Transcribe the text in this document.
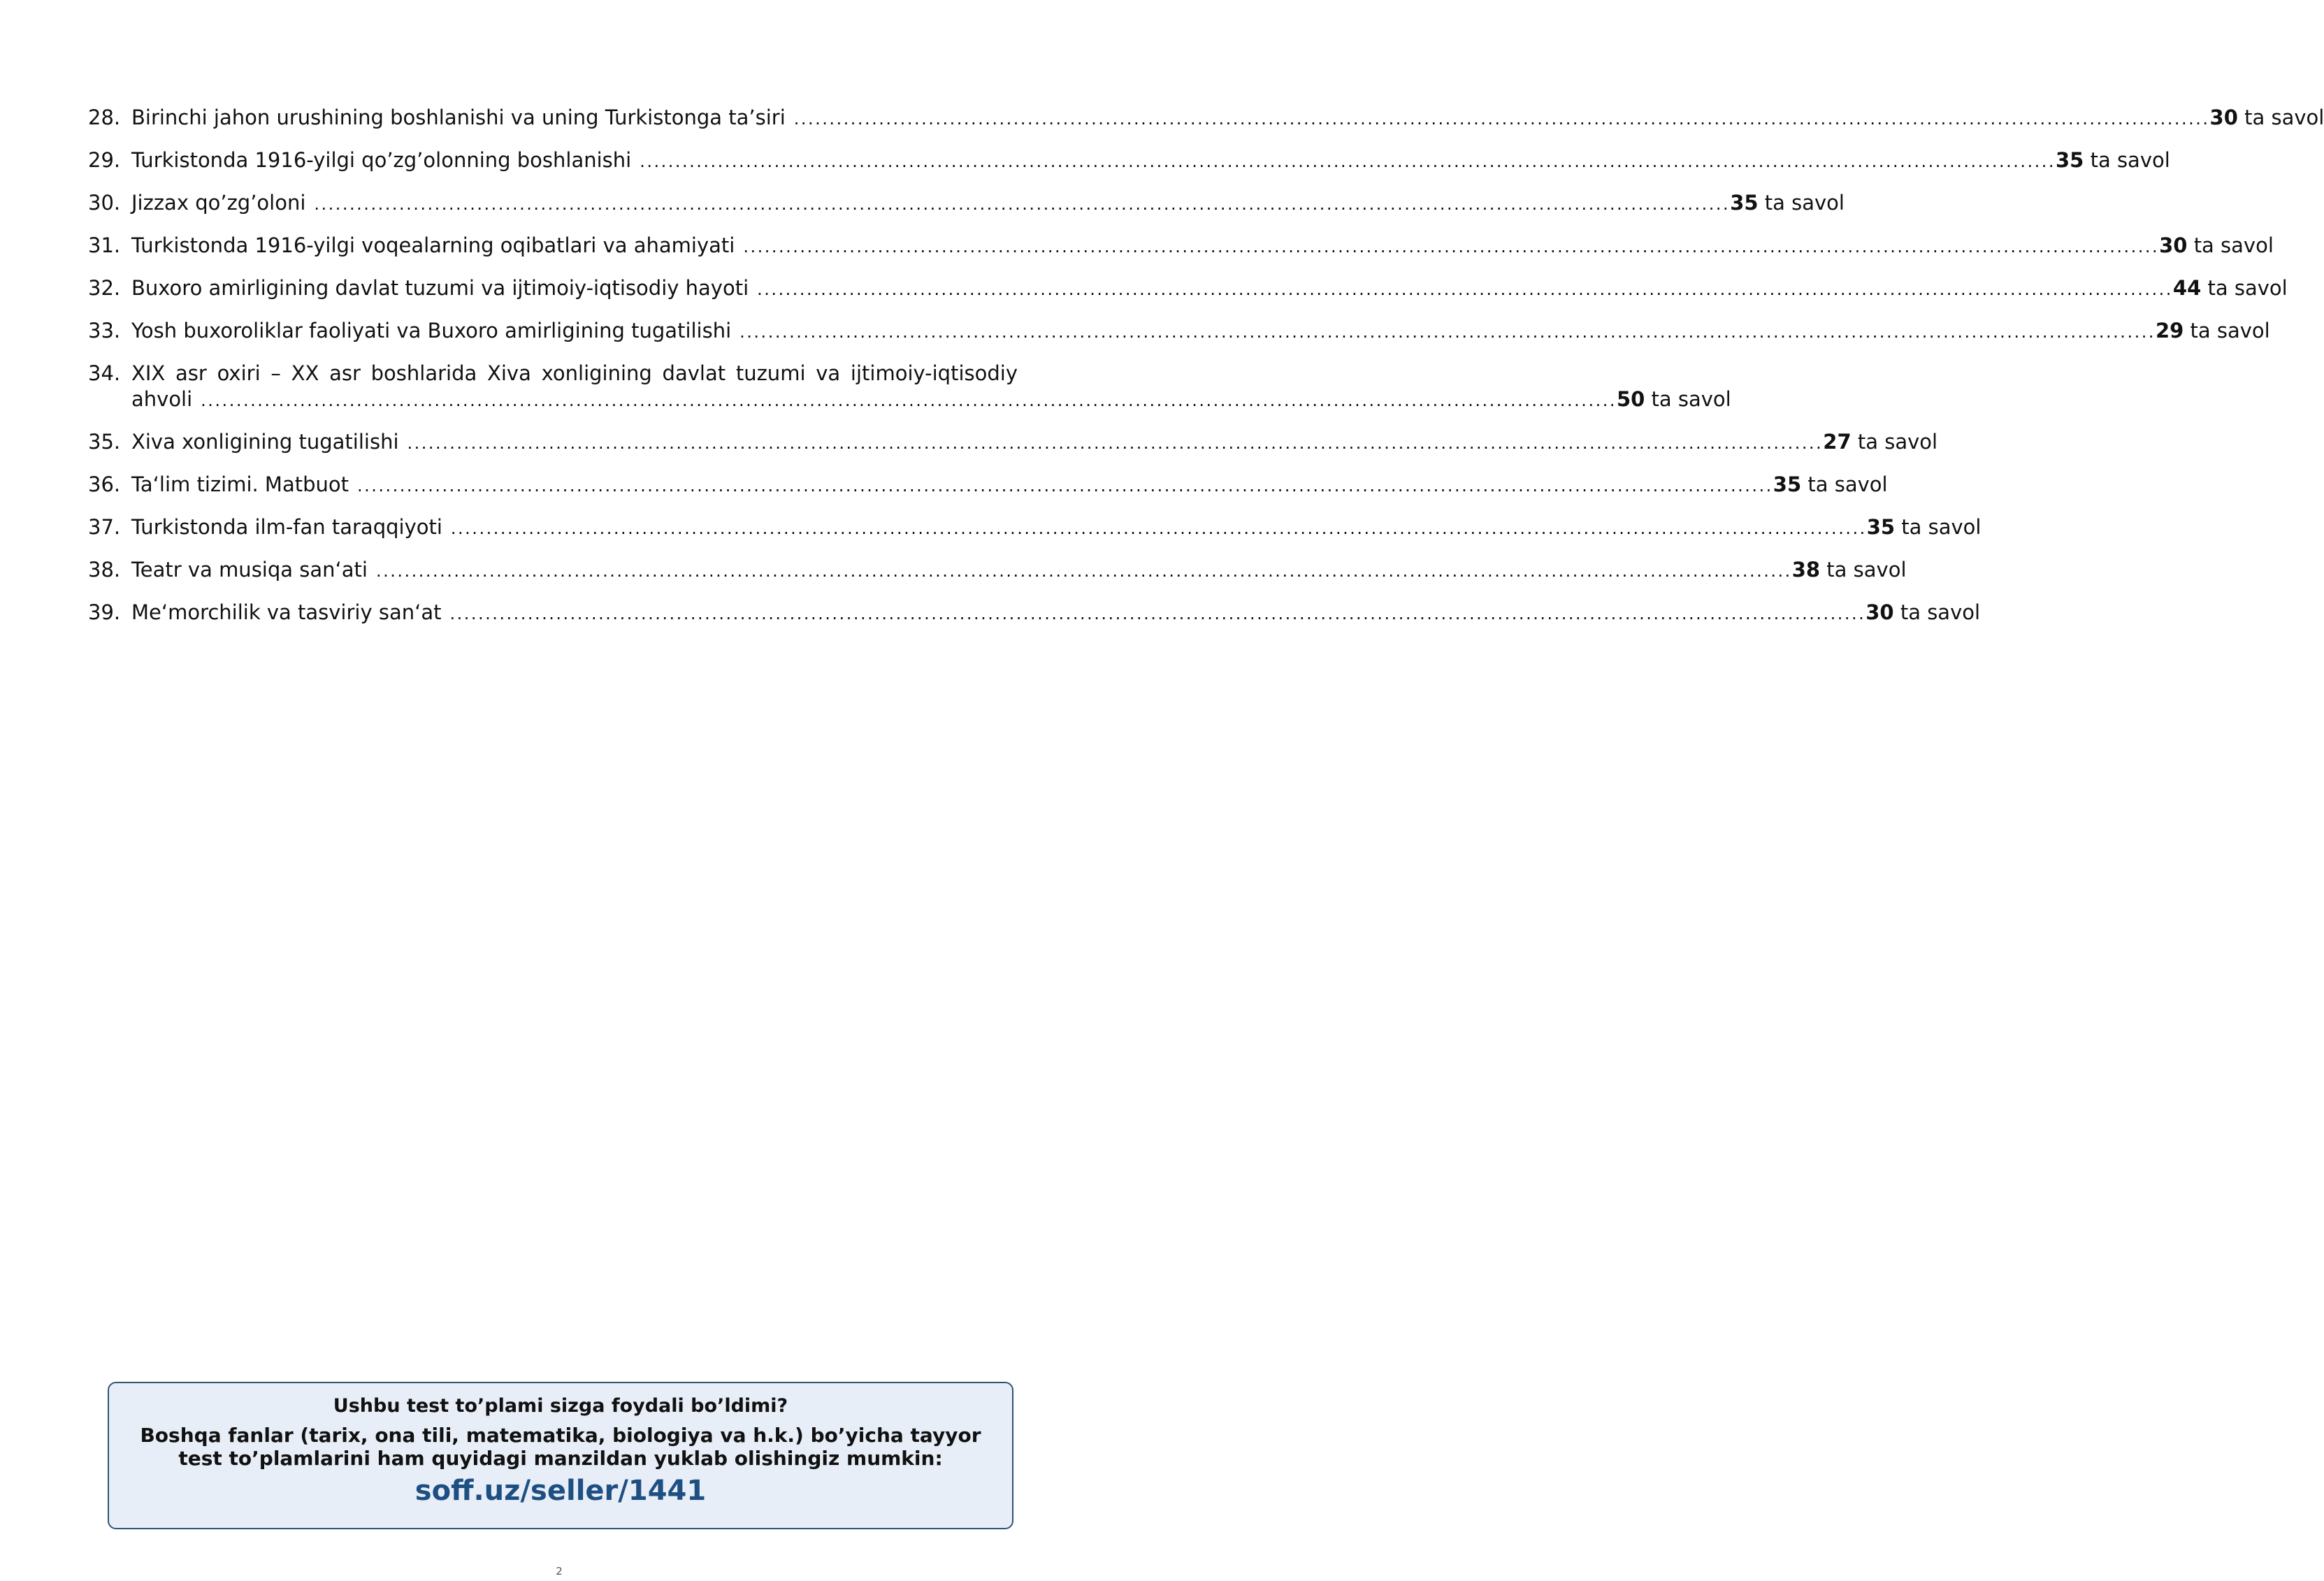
28. Birinchi jahon urushining boshlanishi va uning Turkistonga ta’siri ........................................................................................................................................................................................................ 30 ta savol
29. Turkistonda 1916-yilgi qo’zg’olonning boshlanishi ........................................................................................................................................................................................................ 35 ta savol
30. Jizzax qo’zg’oloni ........................................................................................................................................................................................................ 35 ta savol
31. Turkistonda 1916-yilgi voqealarning oqibatlari va ahamiyati ........................................................................................................................................................................................................ 30 ta savol
32. Buxoro amirligining davlat tuzumi va ijtimoiy-iqtisodiy hayoti ........................................................................................................................................................................................................ 44 ta savol
33. Yosh buxoroliklar faoliyati va Buxoro amirligining tugatilishi ........................................................................................................................................................................................................ 29 ta savol
34. XIX asr oxiri – XX asr boshlarida Xiva xonligining davlat tuzumi va ijtimoiy-iqtisodiy
ahvoli ........................................................................................................................................................................................................ 50 ta savol
35. Xiva xonligining tugatilishi ........................................................................................................................................................................................................ 27 ta savol
36. Ta‘lim tizimi. Matbuot ........................................................................................................................................................................................................ 35 ta savol
37. Turkistonda ilm-fan taraqqiyoti ........................................................................................................................................................................................................ 35 ta savol
38. Teatr va musiqa san‘ati ........................................................................................................................................................................................................ 38 ta savol
39. Me‘morchilik va tasviriy san‘at ........................................................................................................................................................................................................ 30 ta savol
Ushbu test to’plami sizga foydali bo’ldimi?
Boshqa fanlar (tarix, ona tili, matematika, biologiya va h.k.) bo’yicha tayyor test to’plamlarini ham quyidagi manzildan yuklab olishingiz mumkin:
soff.uz/seller/1441
2
